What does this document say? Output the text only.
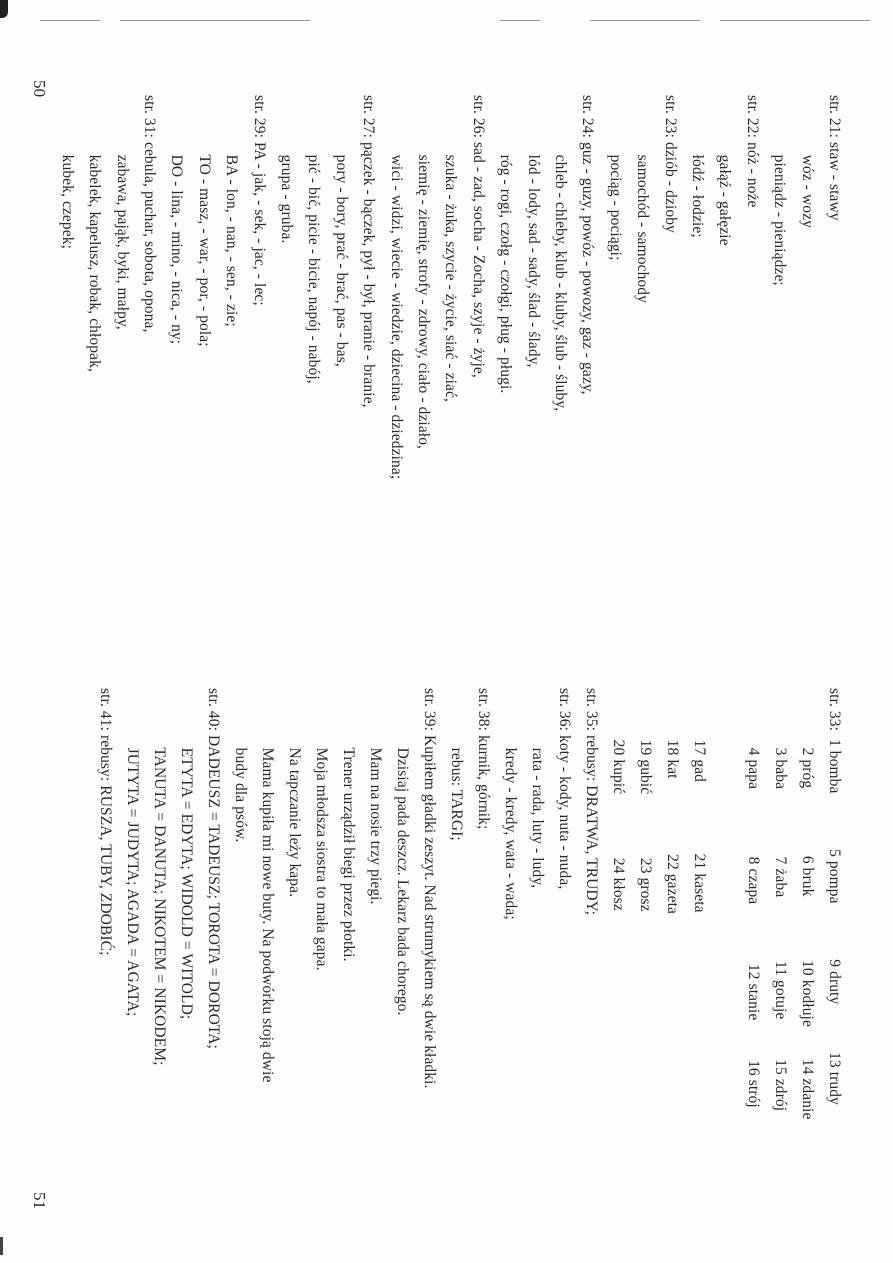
50
51
str. 21: staw - stawy
wóz - wozy
pieniądz - pieniądze;
str. 22: nóż - noże
gałąź - gałęzie
łódź - łodzie;
str. 23: dziób - dzioby
samochód - samochody
pociąg - pociągi;
str. 24: guz - guzy, powóz - powozy, gaz - gazy,
chleb - chleby, klub - kluby, ślub - śluby,
lód - lody, sad - sady, ślad - ślady,
róg - rogi, czołg - czołgi, pług - pługi.
str. 26: sad - zad, socha - Zocha, szyje - żyje,
szuka - żuka, szycie - życie, siać - ziać,
siemię - ziemię, strofy - zdrowy, ciało - działo,
wici - widzi, wiecie - wiedzie, dziecina - dziedzina;
str. 27: pączek - bączek, pył - był, pranie - branie,
pory - bory, prać - brać, pas - bas,
pić - bić, picie - bicie, napój - nabój,
grupa - gruba.
str. 29: PA - jak, - sek, - jac, - lec;
BA - lon, - nan, - sen, - zie;
TO - masz, - war, - por, - pola;
DO - lina, - mino, - nica, - ny;
str. 31: cebula, puchar, sobota, opona,
zabawa, pająk, byki, małpy,
kabelek, kapelusz, robak, chłopak,
kubek, czepek;
str. 33:  1 bomba              5 pompa              9 druty            13 trudy
2 próg                 6 bruk                10 kodłuje        14 zdanie
3 baba                 7 żaba                11 gotuje          15 zdrój
4 papa                 8 czapa               12 stanie          16 strój
17 gad                  21 kaseta
18 kat                   22 gazeta
19 gubić                23 grosz
20 kupić                24 kłosz
str. 35: rebusy: DRATWA, TRUDY;
str. 36: koty - kody, nuta - nuda,
rata - rada, luty - ludy,
kredy - kredy, wata - wada;
str. 38: kurnik, górnik;
rebus: TARGI;
str. 39: Kupiłem gładki zeszyt. Nad strumykiem są dwie kładki.
Dzisiaj pada deszcz. Lekarz bada chorego.
Mam na nosie trzy piegi.
Trener urządził biegi przez płotki.
Moja młodsza siostra to mała gapa.
Na tapczanie leży kapa.
Mama kupiła mi nowe buty. Na podwórku stoją dwie
budy dla psów.
str. 40: DADEUSZ = TADEUSZ; TOROTA = DOROTA;
ETYTA = EDYTA; WIDOLD = WITOLD;
TANUTA = DANUTA; NIKOTEM = NIKODEM;
JUTYTA = JUDYTA; AGADA = AGATA;
str. 41: rebusy: RUSZA, TUBY, ZDOBIĆ;
